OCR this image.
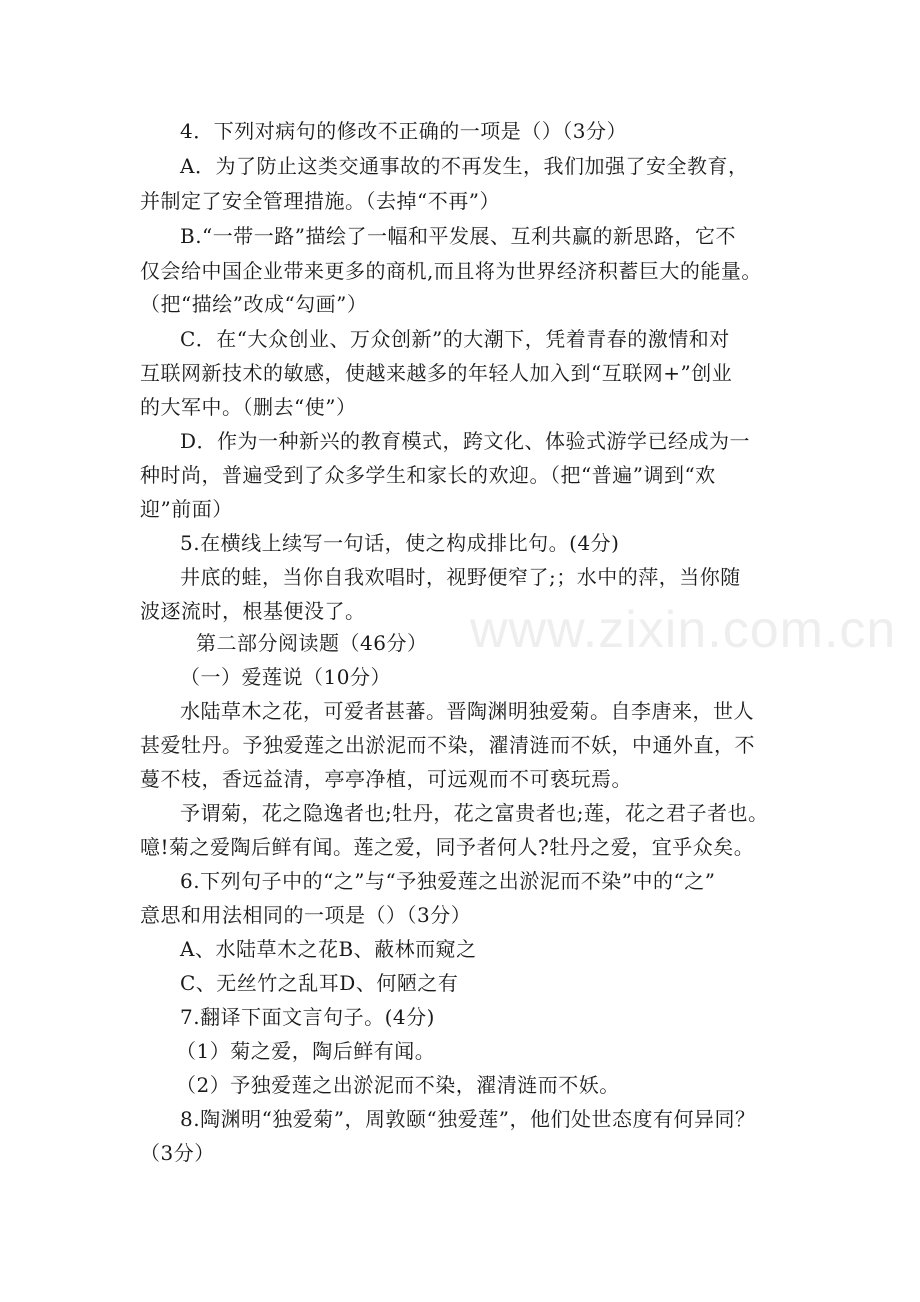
4．下列对病句的修改不正确的一项是（）（3分）
A．为了防止这类交通事故的不再发生，我们加强了安全教育，
并制定了安全管理措施。（去掉“不再”）
B.“一带一路”描绘了一幅和平发展、互利共赢的新思路，它不
仅会给中国企业带来更多的商机,而且将为世界经济积蓄巨大的能量。
（把“描绘”改成“勾画”）
C．在“大众创业、万众创新”的大潮下，凭着青春的激情和对
互联网新技术的敏感，使越来越多的年轻人加入到“互联网+”创业
的大军中。（删去“使”）
D．作为一种新兴的教育模式，跨文化、体验式游学已经成为一
种时尚，普遍受到了众多学生和家长的欢迎。（把“普遍”调到“欢
迎”前面）
5.在横线上续写一句话，使之构成排比句。(4分)
井底的蛙，当你自我欢唱时，视野便窄了;；水中的萍，当你随
波逐流时，根基便没了。
第二部分阅读题（46分）
（一）爱莲说（10分）
水陆草木之花，可爱者甚蕃。晋陶渊明独爱菊。自李唐来，世人
甚爱牡丹。予独爱莲之出淤泥而不染，濯清涟而不妖，中通外直，不
蔓不枝，香远益清，亭亭净植，可远观而不可亵玩焉。
予谓菊，花之隐逸者也;牡丹，花之富贵者也;莲，花之君子者也。
噫!菊之爱陶后鲜有闻。莲之爱，同予者何人?牡丹之爱，宜乎众矣。
6.下列句子中的“之”与“予独爱莲之出淤泥而不染”中的“之”
意思和用法相同的一项是（）（3分）
A、水陆草木之花B、蔽林而窥之
C、无丝竹之乱耳D、何陋之有
7.翻译下面文言句子。(4分)
（1）菊之爱，陶后鲜有闻。
（2）予独爱莲之出淤泥而不染，濯清涟而不妖。
8.陶渊明“独爱菊”，周敦颐“独爱莲”，他们处世态度有何异同？
（3分）
www.zixin.com.cn
